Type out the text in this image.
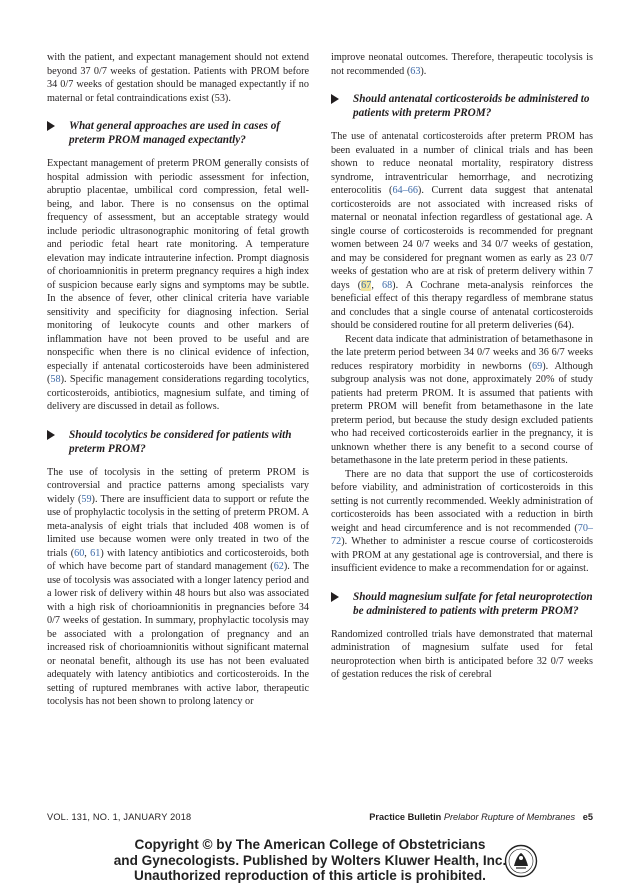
with the patient, and expectant management should not extend beyond 37 0/7 weeks of gestation. Patients with PROM before 34 0/7 weeks of gestation should be managed expectantly if no maternal or fetal contraindications exist (53).

What general approaches are used in cases of preterm PROM managed expectantly?

Expectant management of preterm PROM generally consists of hospital admission with periodic assessment for infection, abruptio placentae, umbilical cord compression, fetal well-being, and labor. There is no consensus on the optimal frequency of assessment, but an acceptable strategy would include periodic ultrasonographic monitoring of fetal growth and periodic fetal heart rate monitoring. A temperature elevation may indicate intrauterine infection. Prompt diagnosis of chorioamnionitis in preterm pregnancy requires a high index of suspicion because early signs and symptoms may be subtle. In the absence of fever, other clinical criteria have variable sensitivity and specificity for diagnosing infection. Serial monitoring of leukocyte counts and other markers of inflammation have not been proved to be useful and are nonspecific when there is no clinical evidence of infection, especially if antenatal corticosteroids have been administered (58). Specific management considerations regarding tocolytics, corticosteroids, antibiotics, magnesium sulfate, and timing of delivery are discussed in detail as follows.

Should tocolytics be considered for patients with preterm PROM?

The use of tocolysis in the setting of preterm PROM is controversial and practice patterns among specialists vary widely (59). There are insufficient data to support or refute the use of prophylactic tocolysis in the setting of preterm PROM. A meta-analysis of eight trials that included 408 women is of limited use because women were only treated in two of the trials (60, 61) with latency antibiotics and corticosteroids, both of which have become part of standard management (62). The use of tocolysis was associated with a longer latency period and a lower risk of delivery within 48 hours but also was associated with a high risk of chorioamnionitis in pregnancies before 34 0/7 weeks of gestation. In summary, prophylactic tocolysis may be associated with a prolongation of pregnancy and an increased risk of chorioamnionitis without significant maternal or neonatal benefit, although its use has not been evaluated adequately with latency antibiotics and corticosteroids. In the setting of ruptured membranes with active labor, therapeutic tocolysis has not been shown to prolong latency or

improve neonatal outcomes. Therefore, therapeutic tocolysis is not recommended (63).

Should antenatal corticosteroids be administered to patients with preterm PROM?

The use of antenatal corticosteroids after preterm PROM has been evaluated in a number of clinical trials and has been shown to reduce neonatal mortality, respiratory distress syndrome, intraventricular hemorrhage, and necrotizing enterocolitis (64–66). Current data suggest that antenatal corticosteroids are not associated with increased risks of maternal or neonatal infection regardless of gestational age. A single course of corticosteroids is recommended for pregnant women between 24 0/7 weeks and 34 0/7 weeks of gestation, and may be considered for pregnant women as early as 23 0/7 weeks of gestation who are at risk of preterm delivery within 7 days (67, 68). A Cochrane meta-analysis reinforces the beneficial effect of this therapy regardless of membrane status and concludes that a single course of antenatal corticosteroids should be considered routine for all preterm deliveries (64).

Recent data indicate that administration of betamethasone in the late preterm period between 34 0/7 weeks and 36 6/7 weeks reduces respiratory morbidity in newborns (69). Although subgroup analysis was not done, approximately 20% of study patients had preterm PROM. It is assumed that patients with preterm PROM will benefit from betamethasone in the late preterm period, but because the study design excluded patients who had received corticosteroids earlier in the pregnancy, it is unknown whether there is any benefit to a second course of betamethasone in the late preterm period in these patients.

There are no data that support the use of corticosteroids before viability, and administration of corticosteroids in this setting is not currently recommended. Weekly administration of corticosteroids has been associated with a reduction in birth weight and head circumference and is not recommended (70–72). Whether to administer a rescue course of corticosteroids with PROM at any gestational age is controversial, and there is insufficient evidence to make a recommendation for or against.

Should magnesium sulfate for fetal neuroprotection be administered to patients with preterm PROM?

Randomized controlled trials have demonstrated that maternal administration of magnesium sulfate used for fetal neuroprotection when birth is anticipated before 32 0/7 weeks of gestation reduces the risk of cerebral

VOL. 131, NO. 1, JANUARY 2018	Practice Bulletin Prelabor Rupture of Membranes e5
Copyright © by The American College of Obstetricians
and Gynecologists. Published by Wolters Kluwer Health, Inc.
Unauthorized reproduction of this article is prohibited.
